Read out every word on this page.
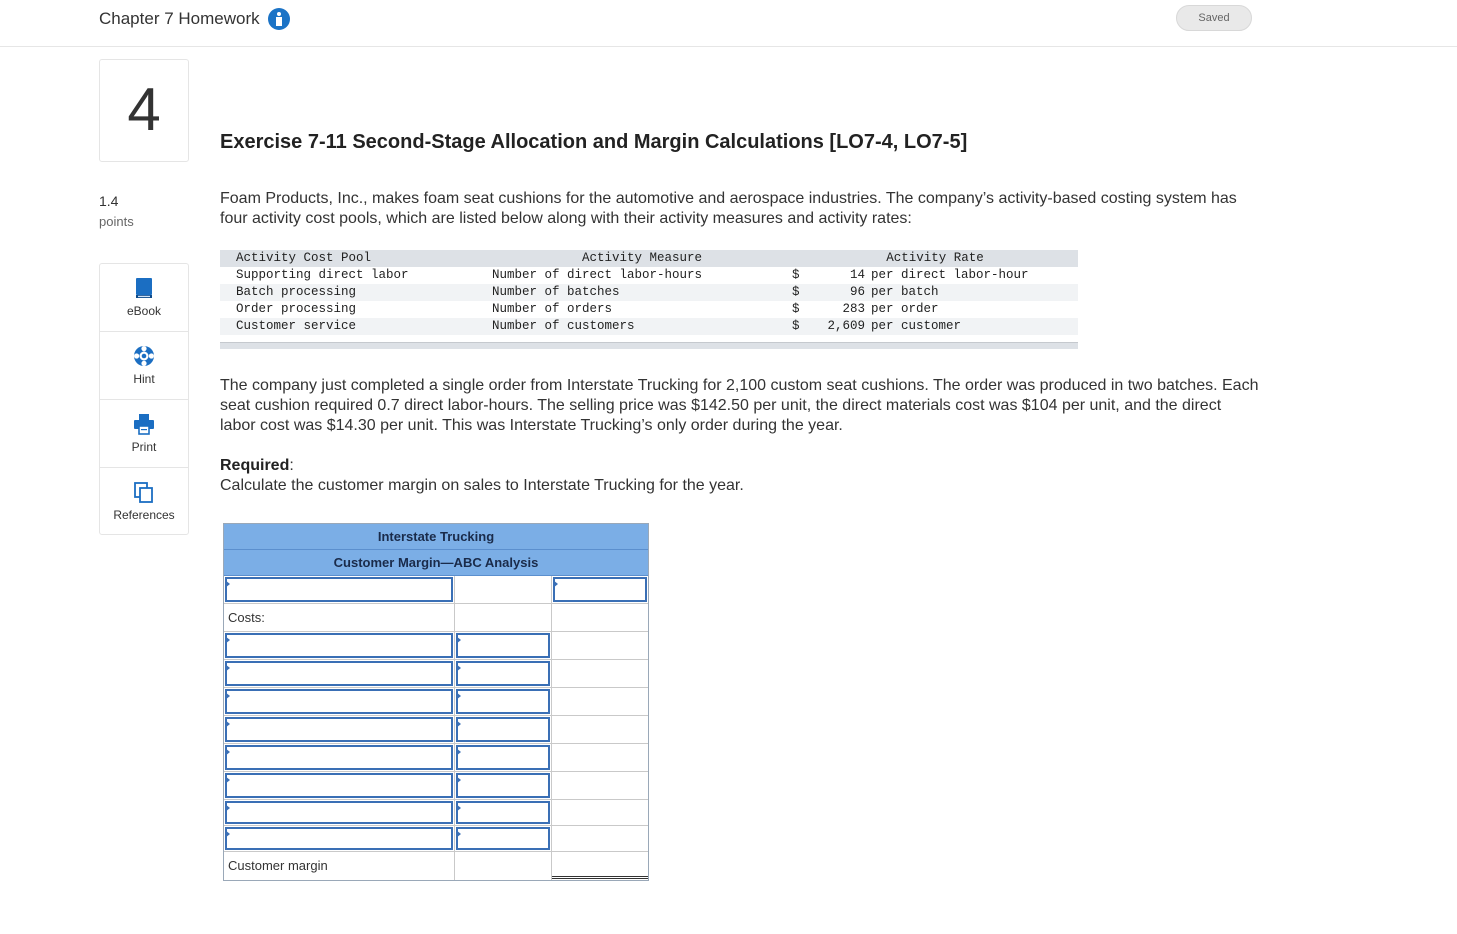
Chapter 7 Homework	Saved
4
1.4
points
eBook
Hint
Print
References
Exercise 7-11 Second-Stage Allocation and Margin Calculations [LO7-4, LO7-5]
Foam Products, Inc., makes foam seat cushions for the automotive and aerospace industries. The company’s activity-based costing system has four activity cost pools, which are listed below along with their activity measures and activity rates:
Activity Cost Pool	Activity Measure	Activity Rate		
Supporting direct labor	Number of direct labor-hours	$	14	per direct labor-hour
Batch processing	Number of batches	$	96	per batch
Order processing	Number of orders	$	283	per order
Customer service	Number of customers	$	2,609	per customer
The company just completed a single order from Interstate Trucking for 2,100 custom seat cushions. The order was produced in two batches. Each seat cushion required 0.7 direct labor-hours. The selling price was $142.50 per unit, the direct materials cost was $104 per unit, and the direct labor cost was $14.30 per unit. This was Interstate Trucking’s only order during the year.
Required:
Calculate the customer margin on sales to Interstate Trucking for the year.
Interstate Trucking
Customer Margin—ABC Analysis
Costs:
Customer margin
